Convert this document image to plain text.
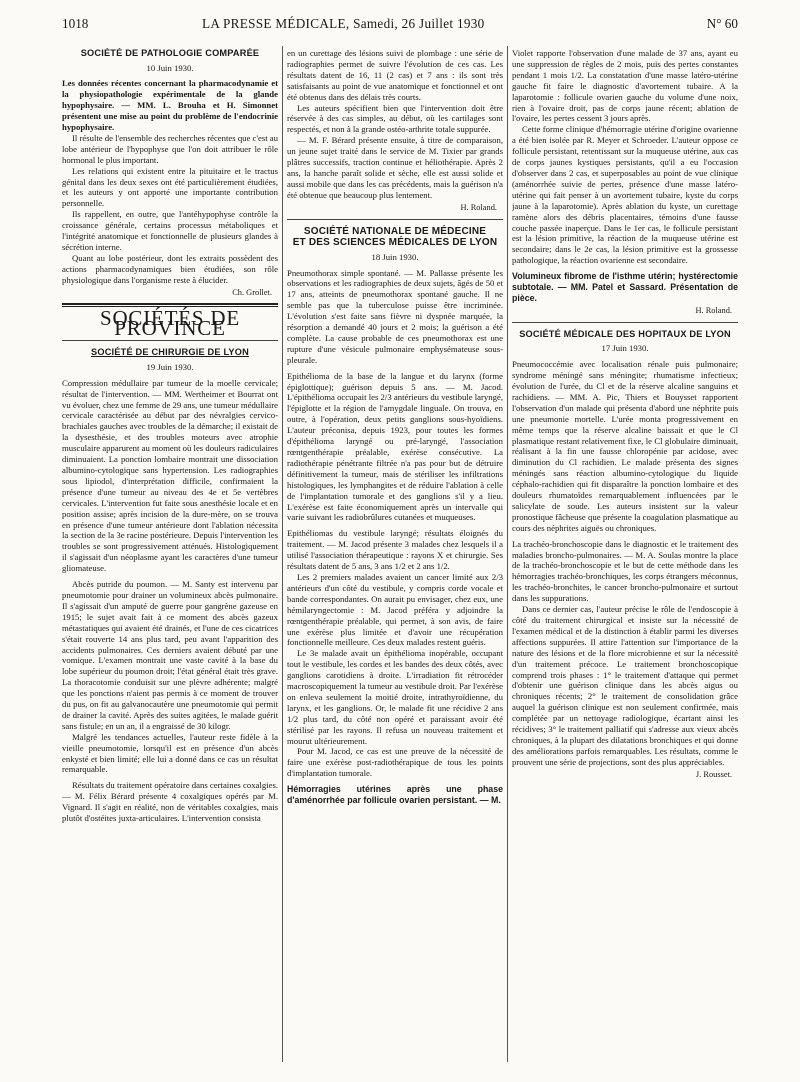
1018	LA PRESSE MÉDICALE, Samedi, 26 Juillet 1930	N° 60
SOCIÉTÉ DE PATHOLOGIE COMPARÉE
10 Juin 1930.
Les données récentes concernant la pharmacodynamie et la physiopathologie expérimentale de la glande hypophysaire. — MM. L. Brouha et H. Simonnet présentent une mise au point du problème de l'endocrinie hypophysaire.
Il résulte de l'ensemble des recherches récentes que c'est au lobe antérieur de l'hypophyse que l'on doit attribuer le rôle hormonal le plus important.
Les relations qui existent entre la pituitaire et le tractus génital dans les deux sexes ont été particulièrement étudiées, et les auteurs y ont apporté une importante contribution personnelle.
Ils rappellent, en outre, que l'antéhypophyse contrôle la croissance générale, certains processus métaboliques et l'intégrité anatomique et fonctionnelle de plusieurs glandes à sécrétion interne.
Quant au lobe postérieur, dont les extraits possèdent des actions pharmacodynamiques bien étudiées, son rôle physiologique dans l'organisme reste à élucider.
Ch. Grollet.
SOCIÉTÉS DE PROVINCE
SOCIÉTÉ DE CHIRURGIE DE LYON
19 Juin 1930.
Compression médullaire par tumeur de la moelle cervicale; résultat de l'intervention. — MM. Wertheimer et Bourrat ont vu évoluer, chez une femme de 29 ans, une tumeur médullaire cervicale caractérisée au début par des névralgies cervico-brachiales gauches avec troubles de la démarche; il existait de la dysesthésie, et des troubles moteurs avec atrophie musculaire apparurent au moment où les douleurs radiculaires diminuaient. La ponction lombaire montrait une dissociation albumino-cytologique sans hypertension. Les radiographies sous lipiodol, d'interprétation difficile, confirmaient la présence d'une tumeur au niveau des 4e et 5e vertèbres cervicales. L'intervention fut faite sous anesthésie locale et en position assise; après incision de la dure-mère, on se trouva en présence d'une tumeur antérieure dont l'ablation nécessita la section de la 3e racine postérieure. Depuis l'intervention les troubles se sont progressivement atténués. Histologiquement il s'agissait d'un néoplasme ayant les caractères d'une tumeur gliomateuse.
Abcès putride du poumon. — M. Santy est intervenu par pneumotomie pour drainer un volumineux abcès pulmonaire. Il s'agissait d'un amputé de guerre pour gangrène gazeuse en 1915; le sujet avait fait à ce moment des abcès gazeux métastatiques qui avaient été drainés, et l'une de ces cicatrices s'était rouverte 14 ans plus tard, peu avant l'apparition des accidents pulmonaires. Ces derniers avaient débuté par une vomique. L'examen montrait une vaste cavité à la base du lobe supérieur du poumon droit; l'état général était très grave. La thoracotomie conduisit sur une plèvre adhérente; malgré que les ponctions n'aient pas permis à ce moment de trouver du pus, on fit au galvanocautère une pneumotomie qui permit de drainer la cavité. Après des suites agitées, le malade guérit sans fistule; en un an, il a engraissé de 30 kilogr.
Malgré les tendances actuelles, l'auteur reste fidèle à la vieille pneumotomie, lorsqu'il est en présence d'un abcès enkysté et bien limité; elle lui a donné dans ce cas un résultat remarquable.
Résultats du traitement opératoire dans certaines coxalgies. — M. Félix Bérard présente 4 coxalgiques opérés par M. Vignard. Il s'agit en réalité, non de véritables coxalgies, mais plutôt d'ostéites juxta-articulaires. L'intervention consista
en un curettage des lésions suivi de plombage : une série de radiographies permet de suivre l'évolution de ces cas. Les résultats datent de 16, 11 (2 cas) et 7 ans : ils sont très satisfaisants au point de vue anatomique et fonctionnel et ont été obtenus dans des délais très courts.
Les auteurs spécifient bien que l'intervention doit être réservée à des cas simples, au début, où les cartilages sont respectés, et non à la grande ostéo-arthrite totale suppurée.
— M. F. Bérard présente ensuite, à titre de comparaison, un jeune sujet traité dans le service de M. Tixier par grands plâtres successifs, traction continue et héliothérapie. Après 2 ans, la hanche paraît solide et sèche, elle est aussi solide et aussi mobile que dans les cas précédents, mais la guérison n'a été obtenue que beaucoup plus lentement.
H. Roland.
SOCIÉTÉ NATIONALE DE MÉDECINE
ET DES SCIENCES MÉDICALES DE LYON
18 Juin 1930.
Pneumothorax simple spontané. — M. Pallasse présente les observations et les radiographies de deux sujets, âgés de 50 et 17 ans, atteints de pneumothorax spontané gauche. Il ne semble pas que la tuberculose puisse être incriminée. L'évolution s'est faite sans fièvre ni dyspnée marquée, la résorption a demandé 40 jours et 2 mois; la guérison a été complète. La cause probable de ces pneumothorax est une rupture d'une vésicule pulmonaire emphysémateuse sous-pleurale.
Epithélioma de la base de la langue et du larynx (forme épiglottique); guérison depuis 5 ans. — M. Jacod. L'épithélioma occupait les 2/3 antérieurs du vestibule laryngé, l'épiglotte et la région de l'amygdale linguale. On trouva, en outre, à l'opération, deux petits ganglions sous-hyoïdiens. L'auteur préconisa, depuis 1923, pour toutes les formes d'épithélioma laryngé ou pré-laryngé, l'association rœntgenthérapie préalable, exérèse consécutive. La radiothérapie pénétrante filtrée n'a pas pour but de détruire définitivement la tumeur, mais de stériliser les infiltrations histologiques, les lymphangites et de réduire l'ablation à celle de l'implantation tumorale et des ganglions s'il y a lieu. L'exérèse est faite économiquement après un intervalle qui varie suivant les radiobrûlures cutanées et muqueuses.
Epithéliomas du vestibule laryngé; résultats éloignés du traitement. — M. Jacod présente 3 malades chez lesquels il a utilisé l'association thérapeutique : rayons X et chirurgie. Ses résultats datent de 5 ans, 3 ans 1/2 et 2 ans 1/2.
Les 2 premiers malades avaient un cancer limité aux 2/3 antérieurs d'un côté du vestibule, y compris corde vocale et bande correspondantes. On aurait pu envisager, chez eux, une hémilaryngectomie : M. Jacod préféra y adjoindre la rœntgenthérapie préalable, qui permet, à son avis, de faire une exérèse plus limitée et d'avoir une récupération fonctionnelle meilleure. Ces deux malades restent guéris.
Le 3e malade avait un épithélioma inopérable, occupant tout le vestibule, les cordes et les bandes des deux côtés, avec ganglions carotidiens à droite. L'irradiation fit rétrocéder macroscopiquement la tumeur au vestibule droit. Par l'exérèse on enleva seulement la moitié droite, intrathyroïdienne, du larynx, et les ganglions. Or, le malade fit une récidive 2 ans 1/2 plus tard, du côté non opéré et paraissant avoir été stérilisé par les rayons. Il refusa un nouveau traitement et mourut ultérieurement.
Pour M. Jacod, ce cas est une preuve de la nécessité de faire une exérèse post-radiothérapique de tous les points d'implantation tumorale.
Hémorragies utérines après une phase d'aménorrhée par follicule ovarien persistant. — M.
Violet rapporte l'observation d'une malade de 37 ans, ayant eu une suppression de règles de 2 mois, puis des pertes constantes pendant 1 mois 1/2. La constatation d'une masse latéro-utérine gauche fit faire le diagnostic d'avortement tubaire. A la laparotomie : follicule ovarien gauche du volume d'une noix, rien à l'ovaire droit, pas de corps jaune récent; ablation de l'ovaire, les pertes cessent 3 jours après.
Cette forme clinique d'hémorragie utérine d'origine ovarienne a été bien isolée par R. Meyer et Schroeder. L'auteur oppose ce follicule persistant, retentissant sur la muqueuse utérine, aux cas de corps jaunes kystiques persistants, qu'il a eu l'occasion d'observer dans 2 cas, et superposables au point de vue clinique (aménorrhée suivie de pertes, présence d'une masse latéro-utérine qui fait penser à un avortement tubaire, kyste du corps jaune à la laparotomie). Après ablation du kyste, un curettage ramène alors des débris placentaires, témoins d'une fausse couche passée inaperçue. Dans le 1er cas, le follicule persistant est la lésion primitive, la réaction de la muqueuse utérine est secondaire; dans le 2e cas, la lésion primitive est la grossesse pathologique, la réaction ovarienne est secondaire.
Volumineux fibrome de l'isthme utérin; hystérectomie subtotale. — MM. Patel et Sassard. Présentation de pièce.
H. Roland.
SOCIÉTÉ MÉDICALE DES HOPITAUX DE LYON
17 Juin 1930.
Pneumococcémie avec localisation rénale puis pulmonaire; syndrome méningé sans méningite; rhumatisme infectieux; évolution de l'urée, du Cl et de la réserve alcaline sanguins et rachidiens. — MM. A. Pic, Thiers et Bouysset rapportent l'observation d'un malade qui présenta d'abord une néphrite puis une pneumonie mortelle. L'urée monta progressivement en même temps que la réserve alcaline baissait et que le Cl plasmatique restant relativement fixe, le Cl globulaire diminuait, réalisant à la fin une fausse chloropénie par acidose, avec diminution du Cl rachidien. Le malade présenta des signes méningés sans réaction albumino-cytologique du liquide céphalo-rachidien qui fit disparaître la ponction lombaire et des douleurs rhumatoïdes remarquablement influencées par le salicylate de soude. Les auteurs insistent sur la valeur pronostique fâcheuse que présente la coagulation plasmatique au cours des néphrites aiguës ou chroniques.
La trachéo-bronchoscopie dans le diagnostic et le traitement des maladies broncho-pulmonaires. — M. A. Soulas montre la place de la trachéo-bronchoscopie et le but de cette méthode dans les hémorragies trachéo-bronchiques, les corps étrangers méconnus, les trachéo-bronchites, le cancer broncho-pulmonaire et surtout dans les suppurations.
Dans ce dernier cas, l'auteur précise le rôle de l'endoscopie à côté du traitement chirurgical et insiste sur la nécessité de l'examen médical et de la distinction à établir parmi les diverses affections suppurées. Il attire l'attention sur l'importance de la nature des lésions et de la flore microbienne et sur la nécessité d'un traitement précoce. Le traitement bronchoscopique comprend trois phases : 1° le traitement d'attaque qui permet d'obtenir une guérison clinique dans les abcès aigus ou chroniques récents; 2° le traitement de consolidation grâce auquel la guérison clinique est non seulement confirmée, mais complétée par un nettoyage radiologique, écartant ainsi les récidives; 3° le traitement palliatif qui s'adresse aux vieux abcès chroniques, à la plupart des dilatations bronchiques et qui donne des améliorations parfois remarquables. Les résultats, comme le prouvent une série de projections, sont des plus appréciables.
J. Rousset.
